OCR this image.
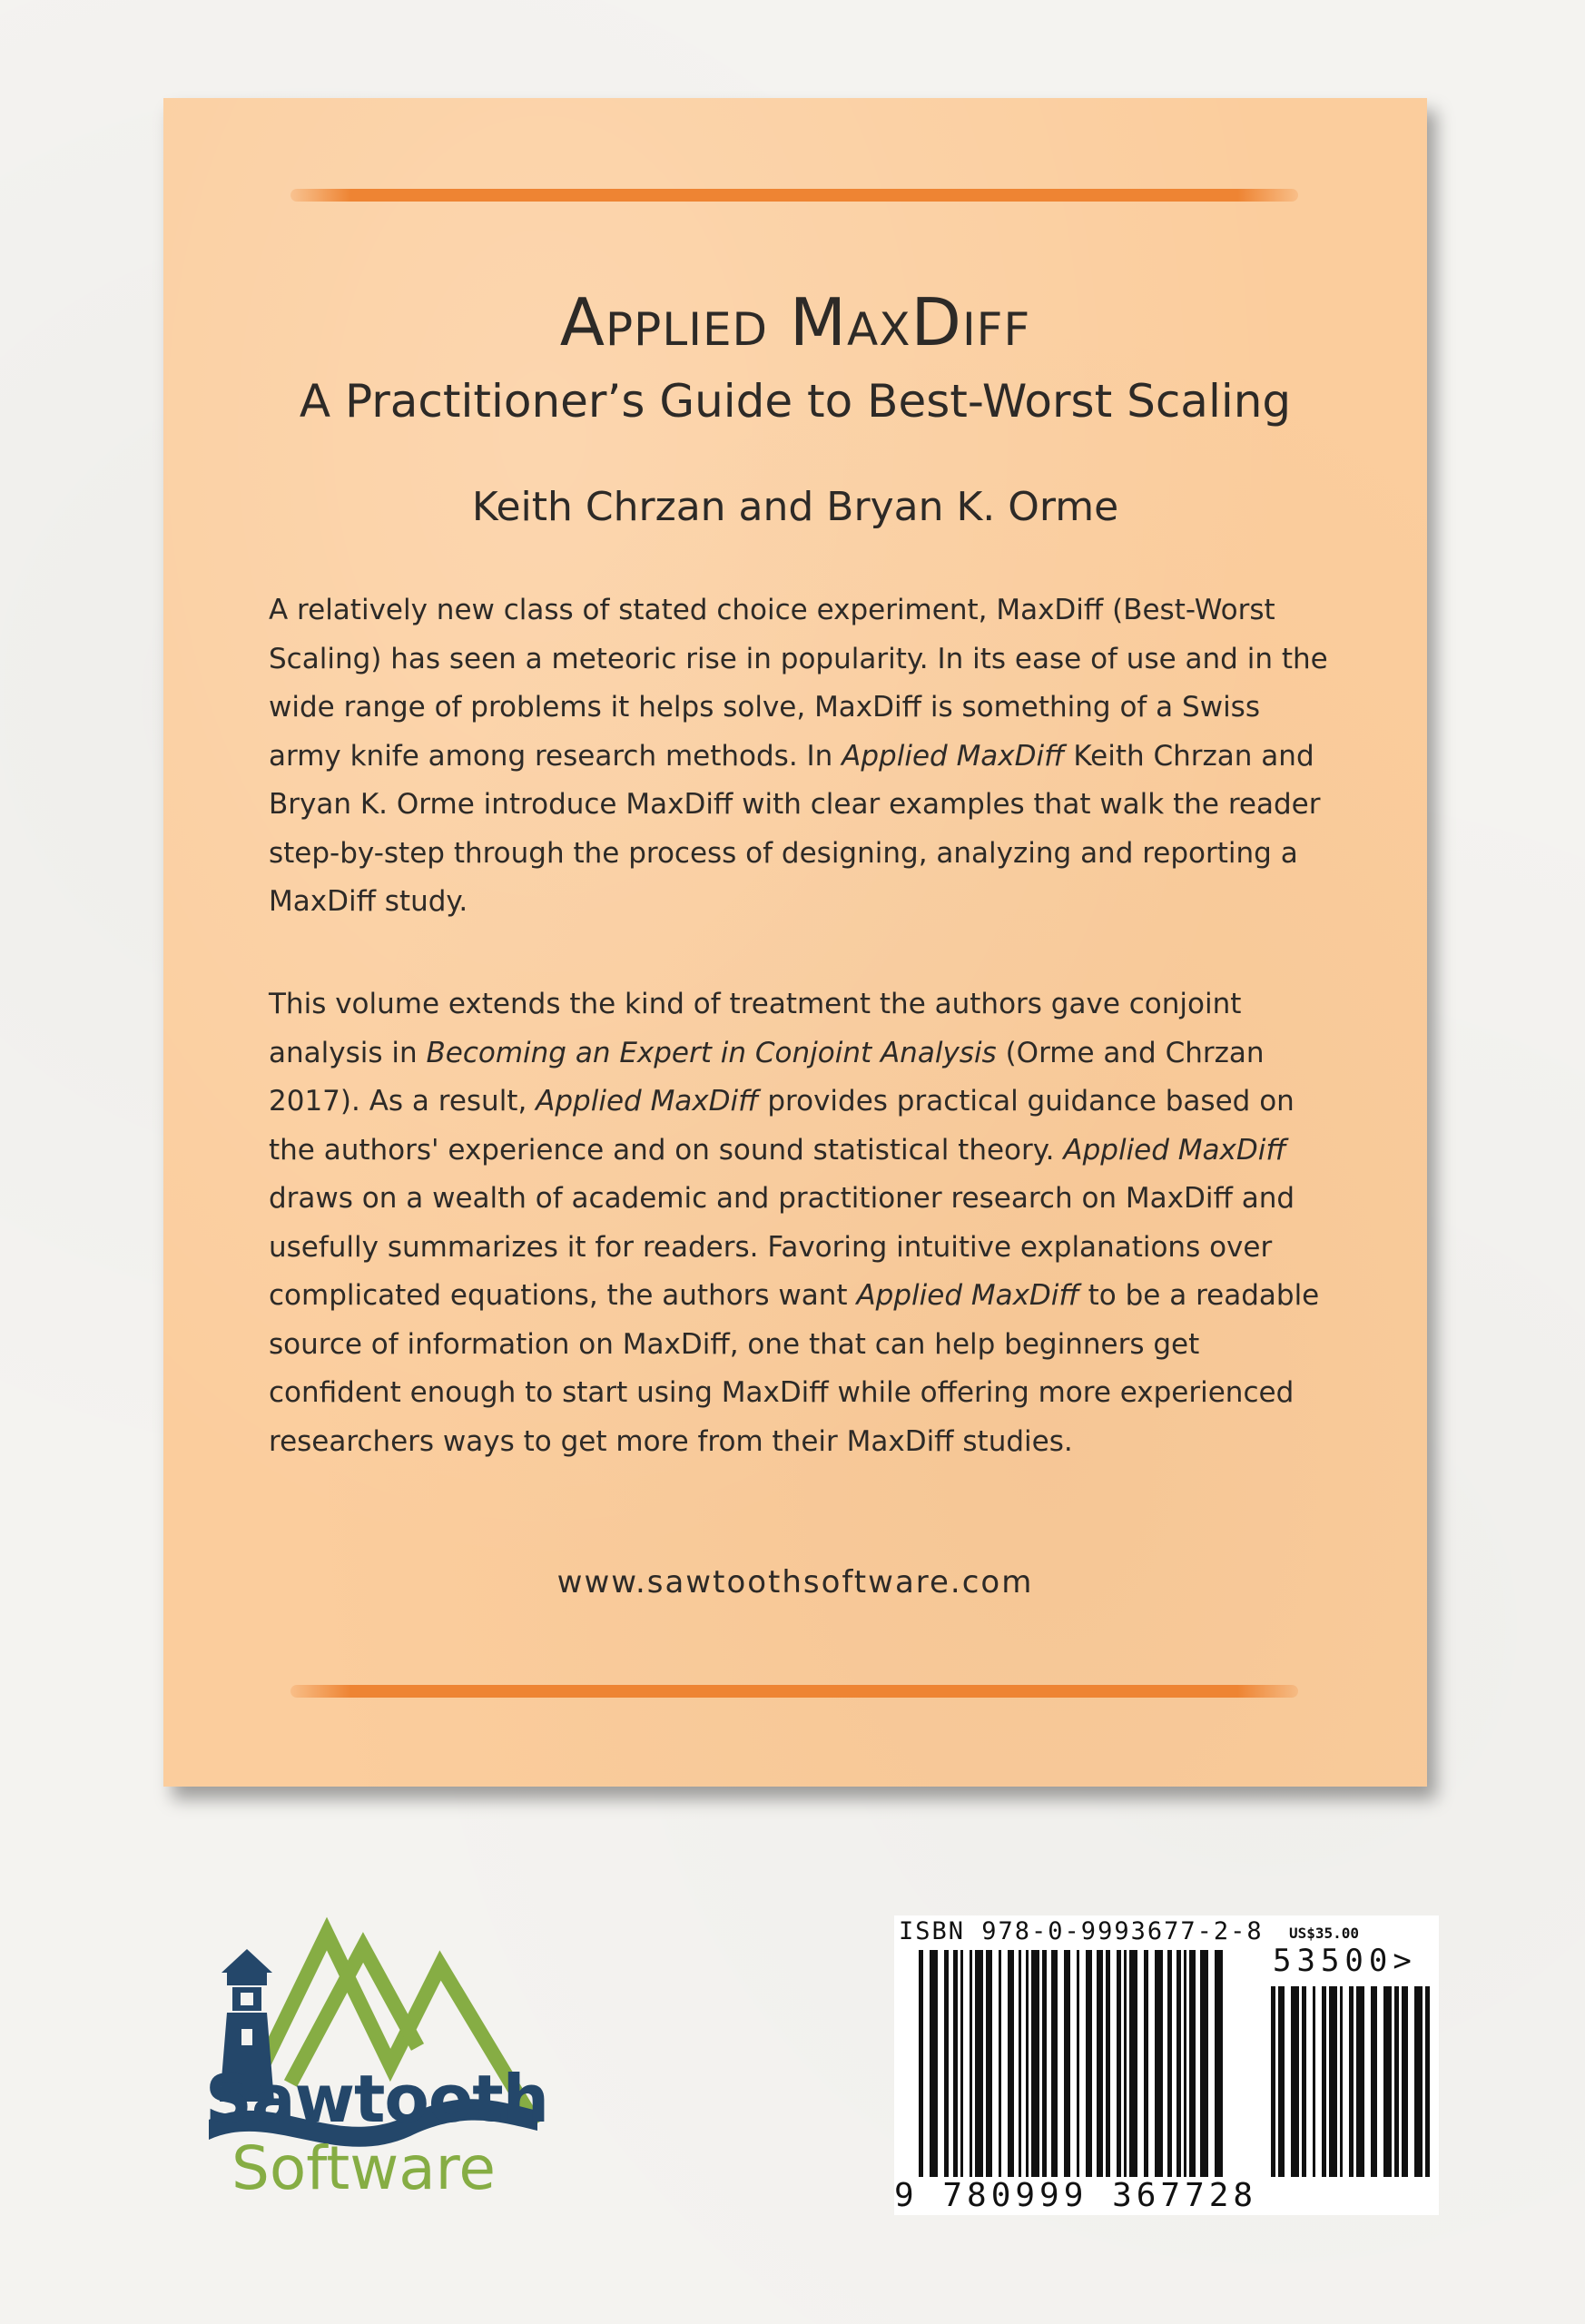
Applied MaxDiff
A Practitioner’s Guide to Best-Worst Scaling
Keith Chrzan and Bryan K. Orme

A relatively new class of stated choice experiment, MaxDiff (Best-Worst Scaling) has seen a meteoric rise in popularity. In its ease of use and in the wide range of problems it helps solve, MaxDiff is something of a Swiss army knife among research methods. In Applied MaxDiff Keith Chrzan and Bryan K. Orme introduce MaxDiff with clear examples that walk the reader step-by-step through the process of designing, analyzing and reporting a MaxDiff study.

This volume extends the kind of treatment the authors gave conjoint analysis in Becoming an Expert in Conjoint Analysis (Orme and Chrzan 2017). As a result, Applied MaxDiff provides practical guidance based on the authors' experience and on sound statistical theory. Applied MaxDiff draws on a wealth of academic and practitioner research on MaxDiff and usefully summarizes it for readers. Favoring intuitive explanations over complicated equations, the authors want Applied MaxDiff to be a readable source of information on MaxDiff, one that can help beginners get confident enough to start using MaxDiff while offering more experienced researchers ways to get more from their MaxDiff studies.

www.sawtoothsoftware.com
Sawtooth
Software
ISBN 978-0-9993677-2-8 US$35.00
53500>
9 780999 367728
